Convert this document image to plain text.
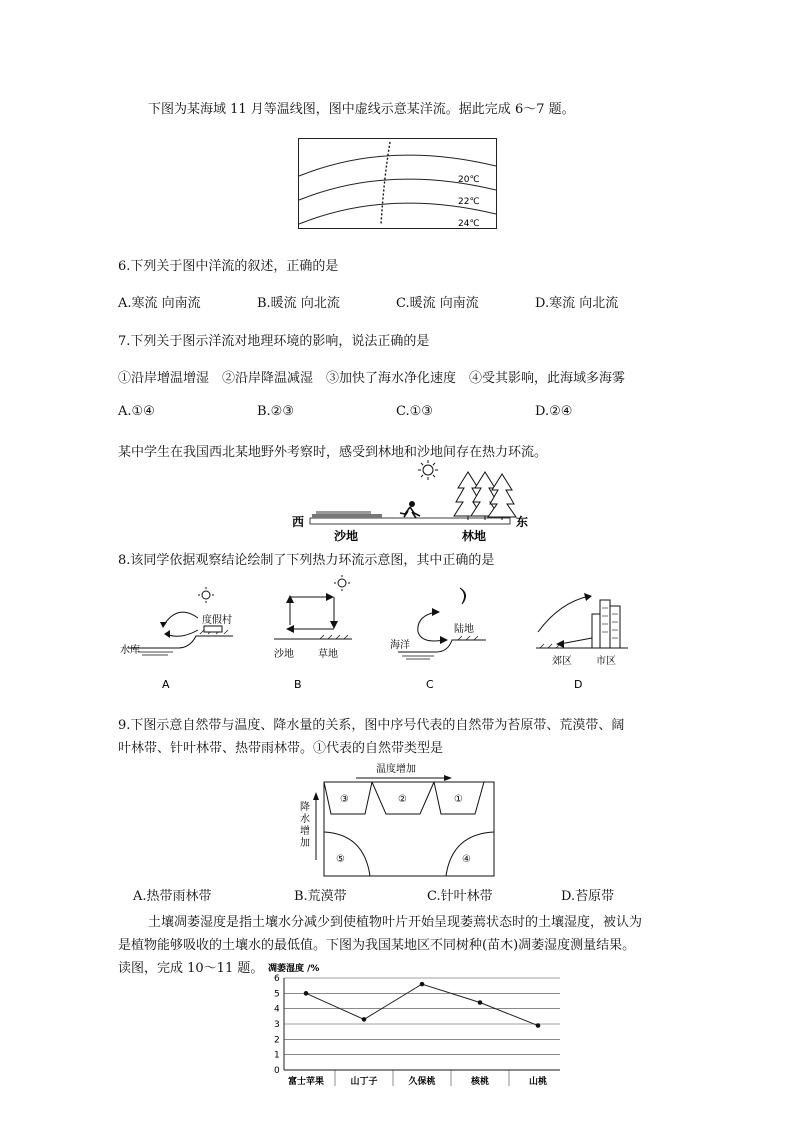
下图为某海域 11 月等温线图，图中虚线示意某洋流。据此完成 6～7 题。
20℃
22℃
24℃
6.下列关于图中洋流的叙述，正确的是
A.寒流 向南流	B.暖流 向北流	C.暖流 向南流	D.寒流 向北流
7.下列关于图示洋流对地理环境的影响，说法正确的是
①沿岸增温增湿　②沿岸降温减湿　③加快了海水净化速度　④受其影响，此海域多海雾
A.①④	B.②③	C.①③	D.②④
某中学生在我国西北某地野外考察时，感受到林地和沙地间存在热力环流。
西	东
沙地	林地
8.该同学依据观察结论绘制了下列热力环流示意图，其中正确的是
水库
度假村
A
沙地 草地
B
海洋
陆地
C
郊区 市区
D
9.下图示意自然带与温度、降水量的关系，图中序号代表的自然带为苔原带、荒漠带、阔
叶林带、针叶林带、热带雨林带。①代表的自然带类型是
温度增加
降
水
增
加
③	②	①
⑤	④
A.热带雨林带	B.荒漠带	C.针叶林带	D.苔原带
土壤凋萎湿度是指土壤水分减少到使植物叶片开始呈现萎蔫状态时的土壤湿度，被认为
是植物能够吸收的土壤水的最低值。下图为我国某地区不同树种(苗木)凋萎湿度测量结果。
读图，完成 10～11 题。 凋萎湿度 /%
0
1
2
3
4
5
6
富士苹果	山丁子	久保桃	核桃	山桃
